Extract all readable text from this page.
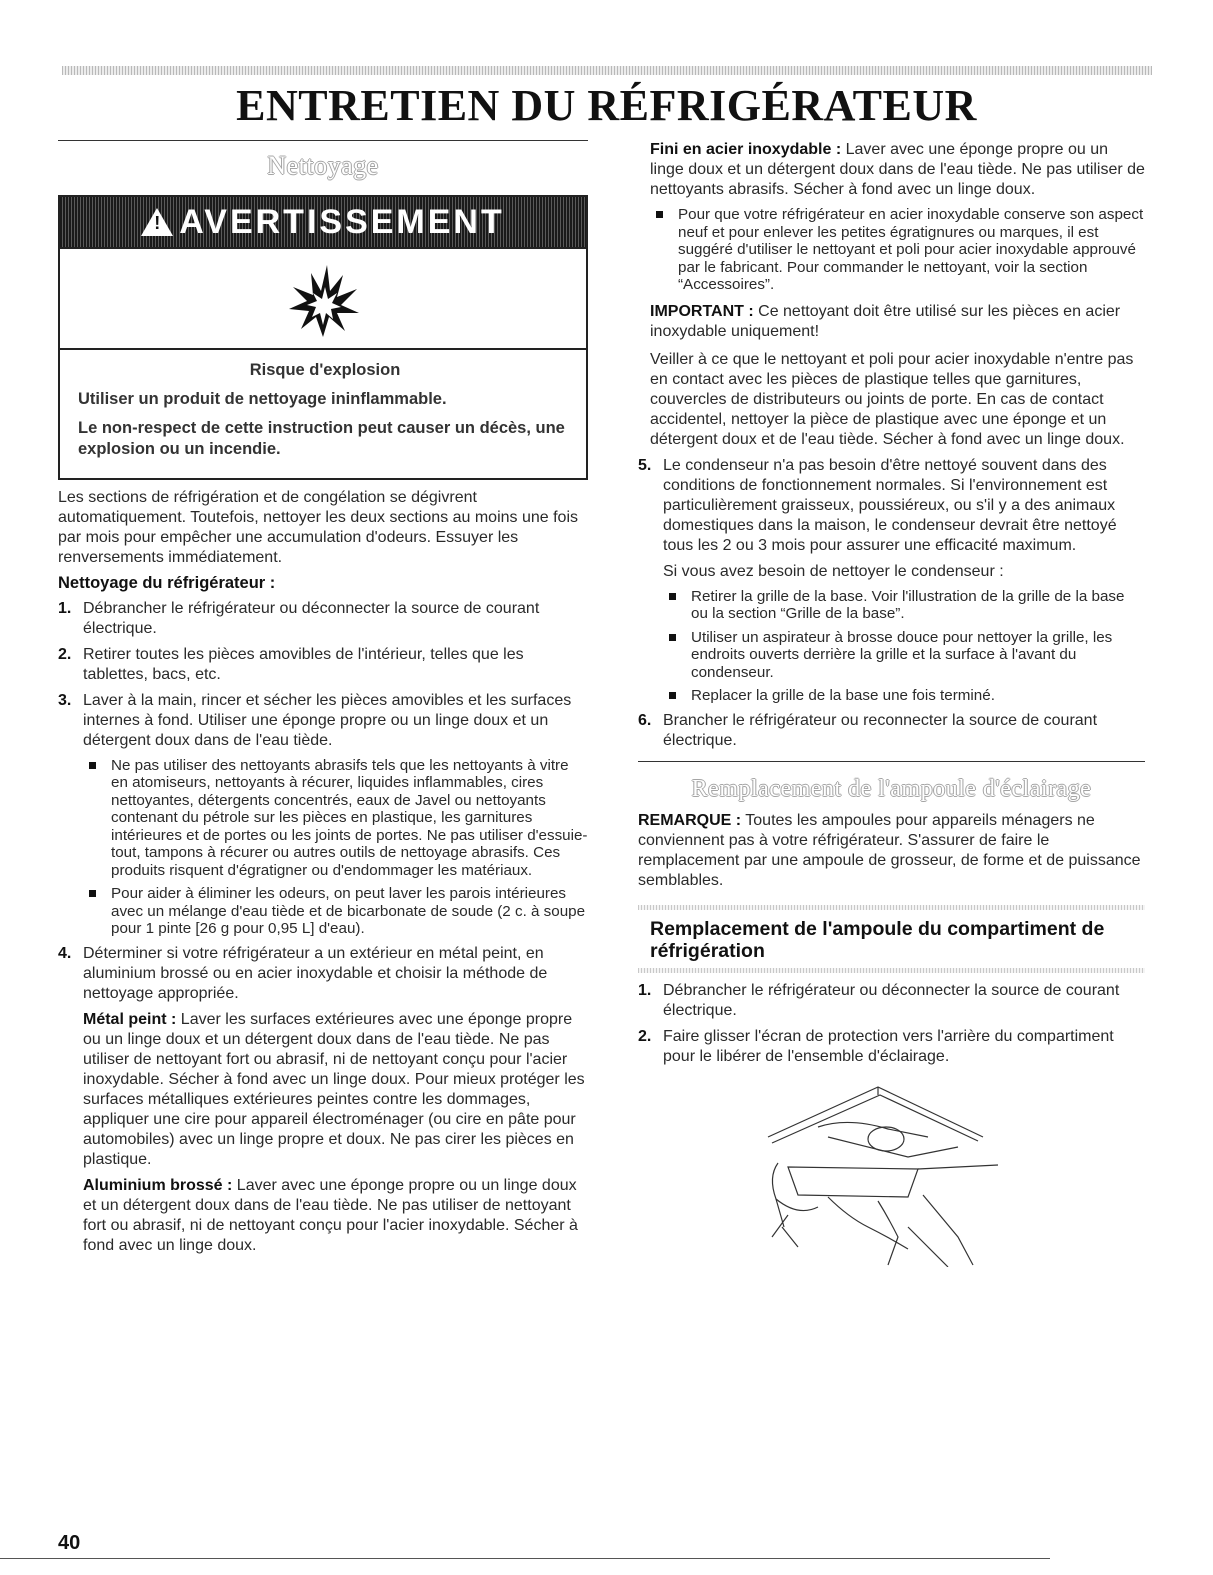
ENTRETIEN DU RÉFRIGÉRATEUR
Nettoyage
! AVERTISSEMENT

Risque d'explosion

Utiliser un produit de nettoyage ininflammable.

Le non-respect de cette instruction peut causer un décès, une explosion ou un incendie.

Les sections de réfrigération et de congélation se dégivrent automatiquement. Toutefois, nettoyer les deux sections au moins une fois par mois pour empêcher une accumulation d'odeurs. Essuyer les renversements immédiatement.

Nettoyage du réfrigérateur :

1. Débrancher le réfrigérateur ou déconnecter la source de courant électrique.
2. Retirer toutes les pièces amovibles de l'intérieur, telles que les tablettes, bacs, etc.
3. Laver à la main, rincer et sécher les pièces amovibles et les surfaces internes à fond. Utiliser une éponge propre ou un linge doux et un détergent doux dans de l'eau tiède.
Ne pas utiliser des nettoyants abrasifs tels que les nettoyants à vitre en atomiseurs, nettoyants à récurer, liquides inflammables, cires nettoyantes, détergents concentrés, eaux de Javel ou nettoyants contenant du pétrole sur les pièces en plastique, les garnitures intérieures et de portes ou les joints de portes. Ne pas utiliser d'essuie-tout, tampons à récurer ou autres outils de nettoyage abrasifs. Ces produits risquent d'égratigner ou d'endommager les matériaux.
Pour aider à éliminer les odeurs, on peut laver les parois intérieures avec un mélange d'eau tiède et de bicarbonate de soude (2 c. à soupe pour 1 pinte [26 g pour 0,95 L] d'eau).
4. Déterminer si votre réfrigérateur a un extérieur en métal peint, en aluminium brossé ou en acier inoxydable et choisir la méthode de nettoyage appropriée.

Métal peint : Laver les surfaces extérieures avec une éponge propre ou un linge doux et un détergent doux dans de l'eau tiède. Ne pas utiliser de nettoyant fort ou abrasif, ni de nettoyant conçu pour l'acier inoxydable. Sécher à fond avec un linge doux. Pour mieux protéger les surfaces métalliques extérieures peintes contre les dommages, appliquer une cire pour appareil électroménager (ou cire en pâte pour automobiles) avec un linge propre et doux. Ne pas cirer les pièces en plastique.

Aluminium brossé : Laver avec une éponge propre ou un linge doux et un détergent doux dans de l'eau tiède. Ne pas utiliser de nettoyant fort ou abrasif, ni de nettoyant conçu pour l'acier inoxydable. Sécher à fond avec un linge doux.

Fini en acier inoxydable : Laver avec une éponge propre ou un linge doux et un détergent doux dans de l'eau tiède. Ne pas utiliser de nettoyants abrasifs. Sécher à fond avec un linge doux.

Pour que votre réfrigérateur en acier inoxydable conserve son aspect neuf et pour enlever les petites égratignures ou marques, il est suggéré d'utiliser le nettoyant et poli pour acier inoxydable approuvé par le fabricant. Pour commander le nettoyant, voir la section “Accessoires”.

IMPORTANT : Ce nettoyant doit être utilisé sur les pièces en acier inoxydable uniquement!

Veiller à ce que le nettoyant et poli pour acier inoxydable n'entre pas en contact avec les pièces de plastique telles que garnitures, couvercles de distributeurs ou joints de porte. En cas de contact accidentel, nettoyer la pièce de plastique avec une éponge et un détergent doux et de l'eau tiède. Sécher à fond avec un linge doux.

5. Le condenseur n'a pas besoin d'être nettoyé souvent dans des conditions de fonctionnement normales. Si l'environnement est particulièrement graisseux, poussiéreux, ou s'il y a des animaux domestiques dans la maison, le condenseur devrait être nettoyé tous les 2 ou 3 mois pour assurer une efficacité maximum.

Si vous avez besoin de nettoyer le condenseur :

Retirer la grille de la base. Voir l'illustration de la grille de la base ou la section “Grille de la base”.
Utiliser un aspirateur à brosse douce pour nettoyer la grille, les endroits ouverts derrière la grille et la surface à l'avant du condenseur.
Replacer la grille de la base une fois terminé.
6. Brancher le réfrigérateur ou reconnecter la source de courant électrique.
Remplacement de l'ampoule d'éclairage

REMARQUE : Toutes les ampoules pour appareils ménagers ne conviennent pas à votre réfrigérateur. S'assurer de faire le remplacement par une ampoule de grosseur, de forme et de puissance semblables.

Remplacement de l'ampoule du compartiment de réfrigération
1. Débrancher le réfrigérateur ou déconnecter la source de courant électrique.
2. Faire glisser l'écran de protection vers l'arrière du compartiment pour le libérer de l'ensemble d'éclairage.
40
